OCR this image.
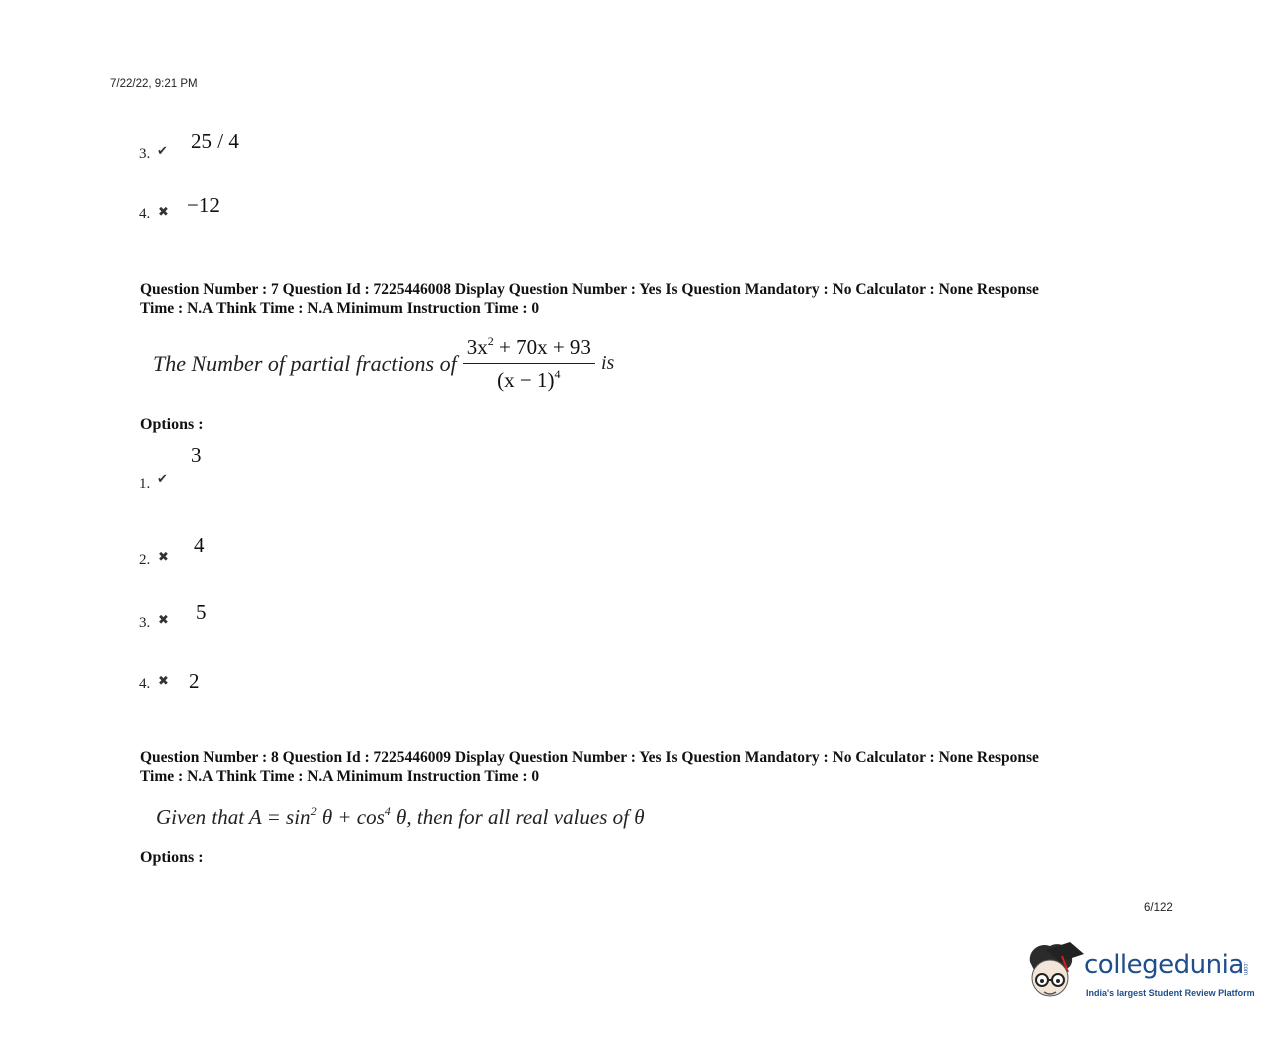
7/22/22, 9:21 PM
3. ✔ 25 / 4
4. ✖ −12
Question Number : 7 Question Id : 7225446008 Display Question Number : Yes Is Question Mandatory : No Calculator : None Response
Time : N.A Think Time : N.A Minimum Instruction Time : 0
The Number of partial fractions of $\frac{3x^2 + 70x + 93}{(x - 1)^4}$ is
Options :
1. ✔
3
2. ✖
4
3. ✖ 5
4. ✖ 2
Question Number : 8 Question Id : 7225446009 Display Question Number : Yes Is Question Mandatory : No Calculator : None Response
Time : N.A Think Time : N.A Minimum Instruction Time : 0
Given that $A = \sin^2 \theta + \cos^4 \theta$, then for all real values of θ
Options :
6/122
collegedunia
.com
India's largest Student Review Platform
